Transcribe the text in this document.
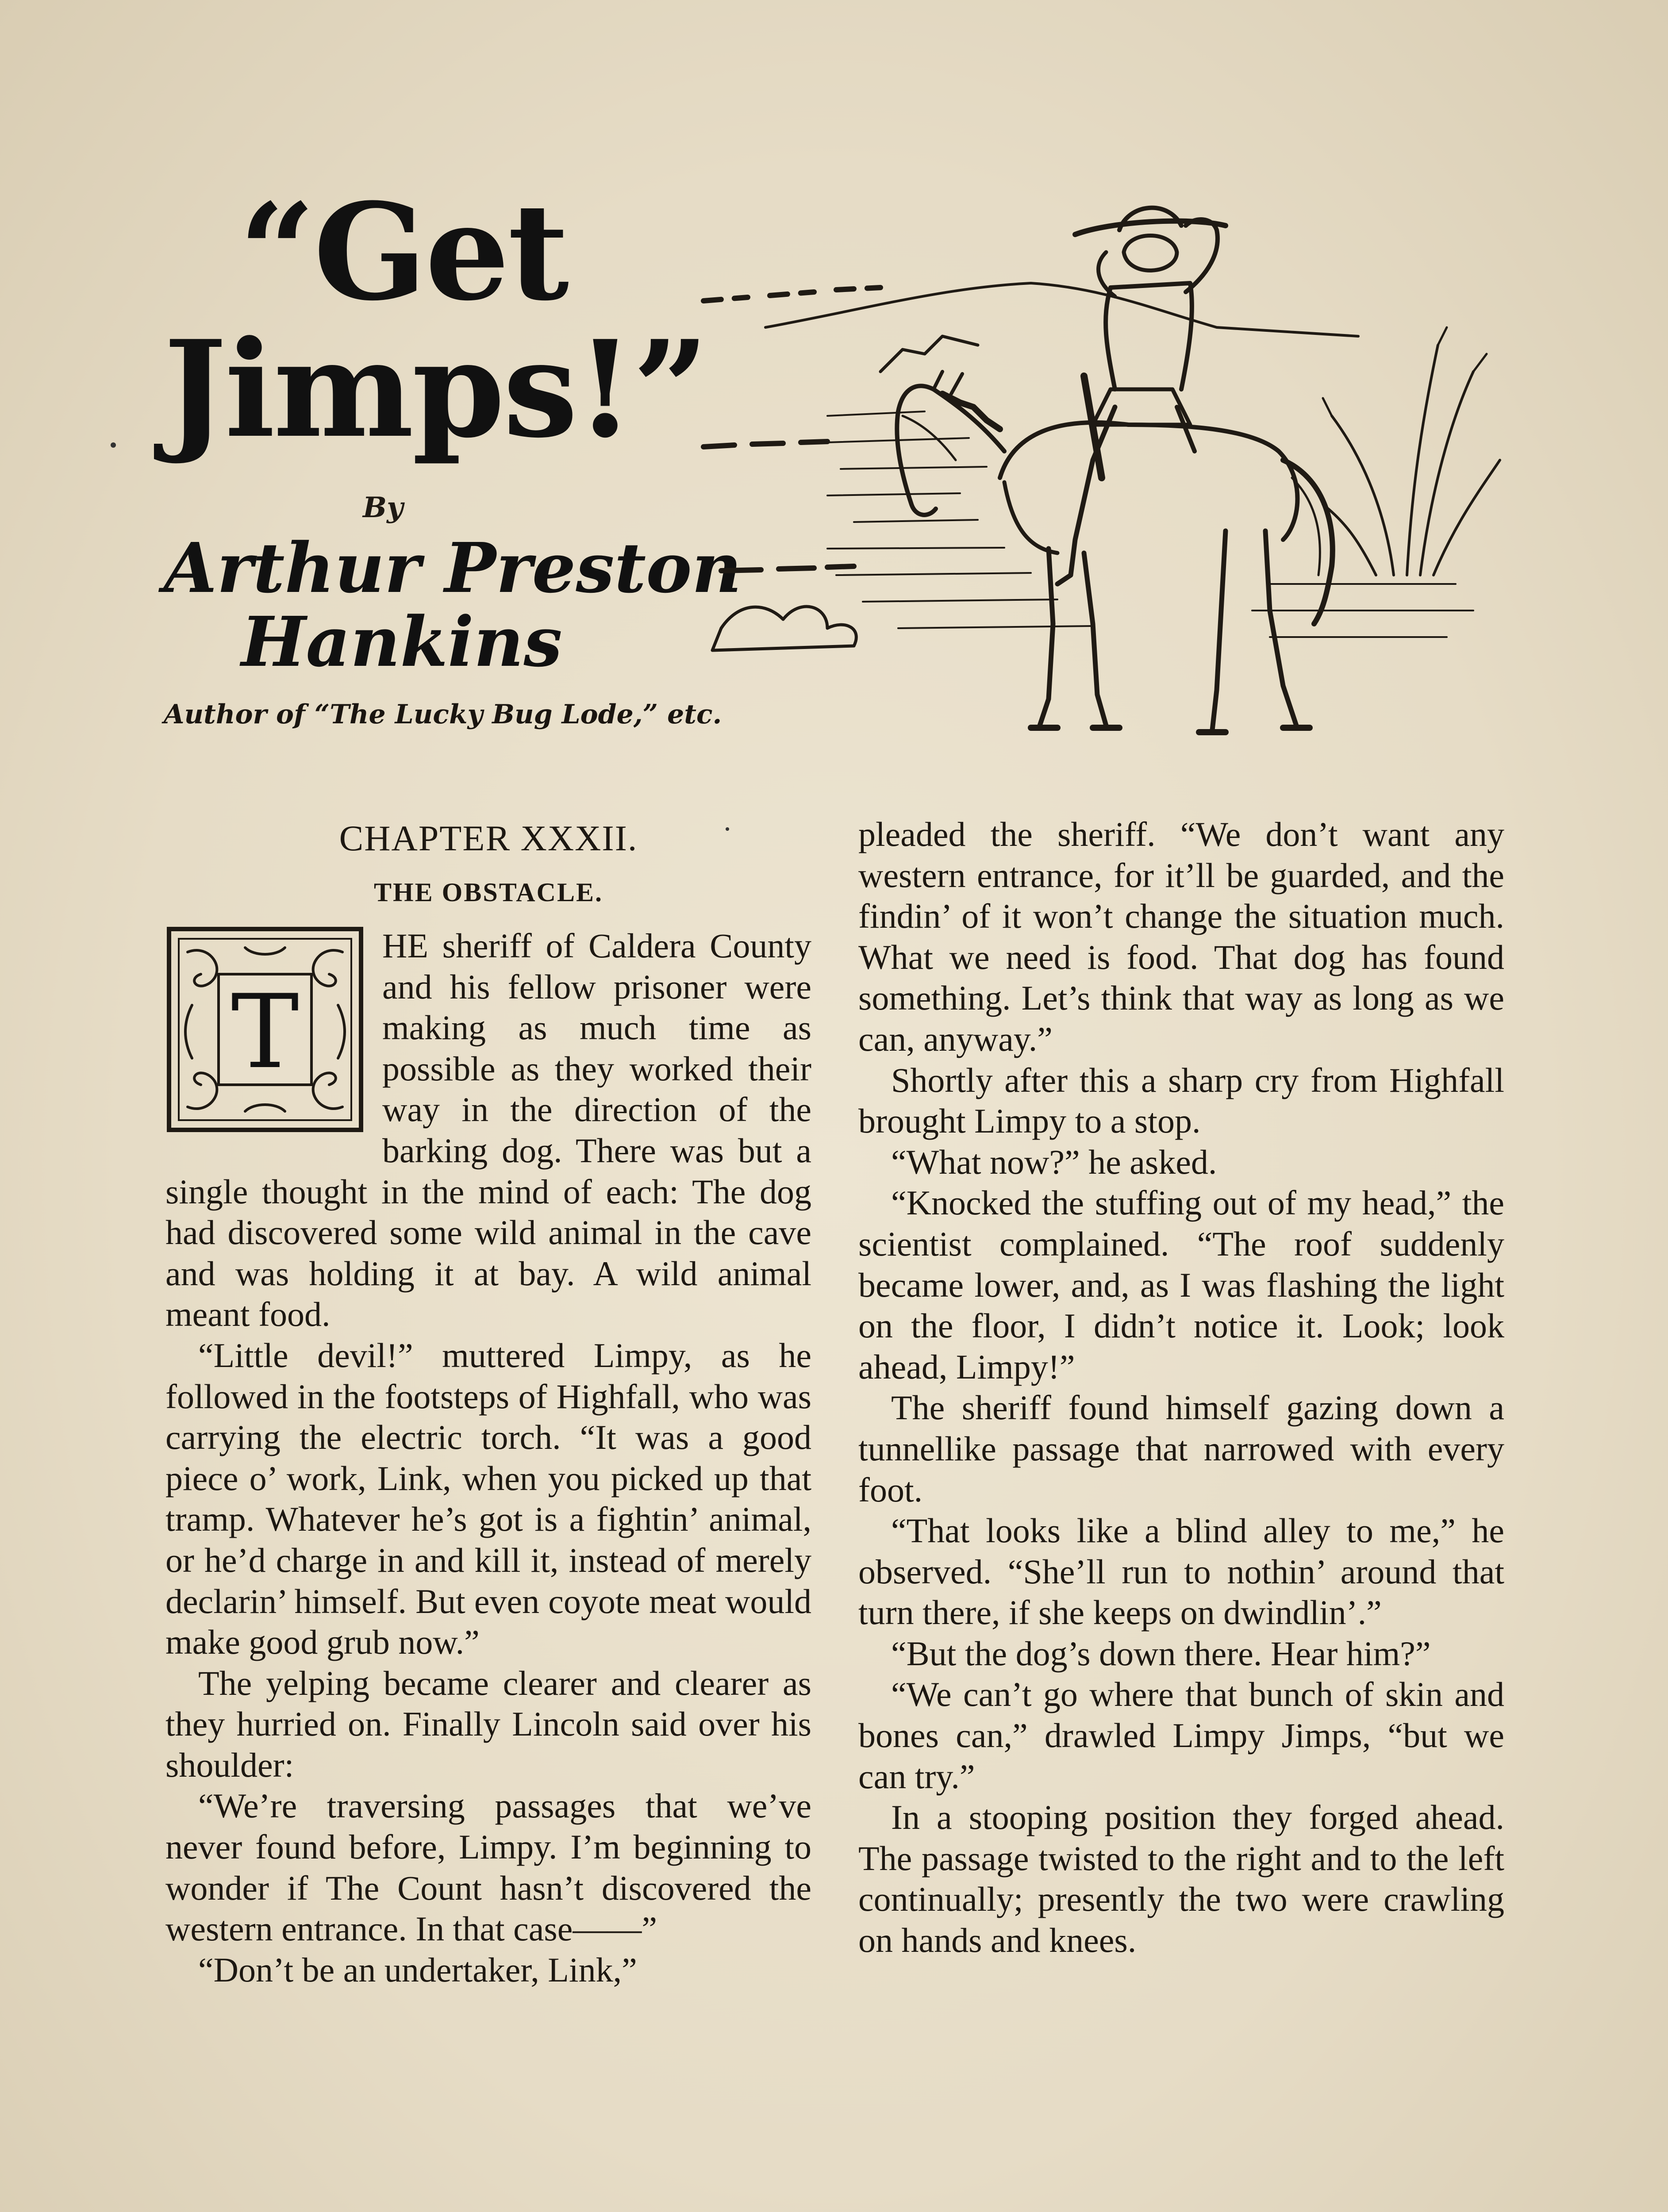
“Get
Jimps!”
By
Arthur Preston
Hankins
Author of “The Lucky Bug Lode,” etc.
CHAPTER XXXII.
THE OBSTACLE.
T

HE sheriff of Caldera County and his fellow prisoner were making as much time as possible as they worked their way in the direction of the barking dog. There was but a single thought in the mind of each: The dog had discovered some wild animal in the cave and was holding it at bay. A wild animal meant food.

“Little devil!” muttered Limpy, as he followed in the footsteps of Highfall, who was carrying the electric torch. “It was a good piece o’ work, Link, when you picked up that tramp. Whatever he’s got is a fightin’ animal, or he’d charge in and kill it, instead of merely declarin’ himself. But even coyote meat would make good grub now.”

The yelping became clearer and clearer as they hurried on. Finally Lincoln said over his shoulder:

“We’re traversing passages that we’ve never found before, Limpy. I’m beginning to wonder if The Count hasn’t discovered the western entrance. In that case——”

“Don’t be an undertaker, Link,”

pleaded the sheriff. “We don’t want any western entrance, for it’ll be guarded, and the findin’ of it won’t change the situation much. What we need is food. That dog has found something. Let’s think that way as long as we can, anyway.”

Shortly after this a sharp cry from Highfall brought Limpy to a stop.

“What now?” he asked.

“Knocked the stuffing out of my head,” the scientist complained. “The roof suddenly became lower, and, as I was flashing the light on the floor, I didn’t notice it. Look; look ahead, Limpy!”

The sheriff found himself gazing down a tunnellike passage that narrowed with every foot.

“That looks like a blind alley to me,” he observed. “She’ll run to nothin’ around that turn there, if she keeps on dwindlin’.”

“But the dog’s down there. Hear him?”

“We can’t go where that bunch of skin and bones can,” drawled Limpy Jimps, “but we can try.”

In a stooping position they forged ahead. The passage twisted to the right and to the left continually; presently the two were crawling on hands and knees.
